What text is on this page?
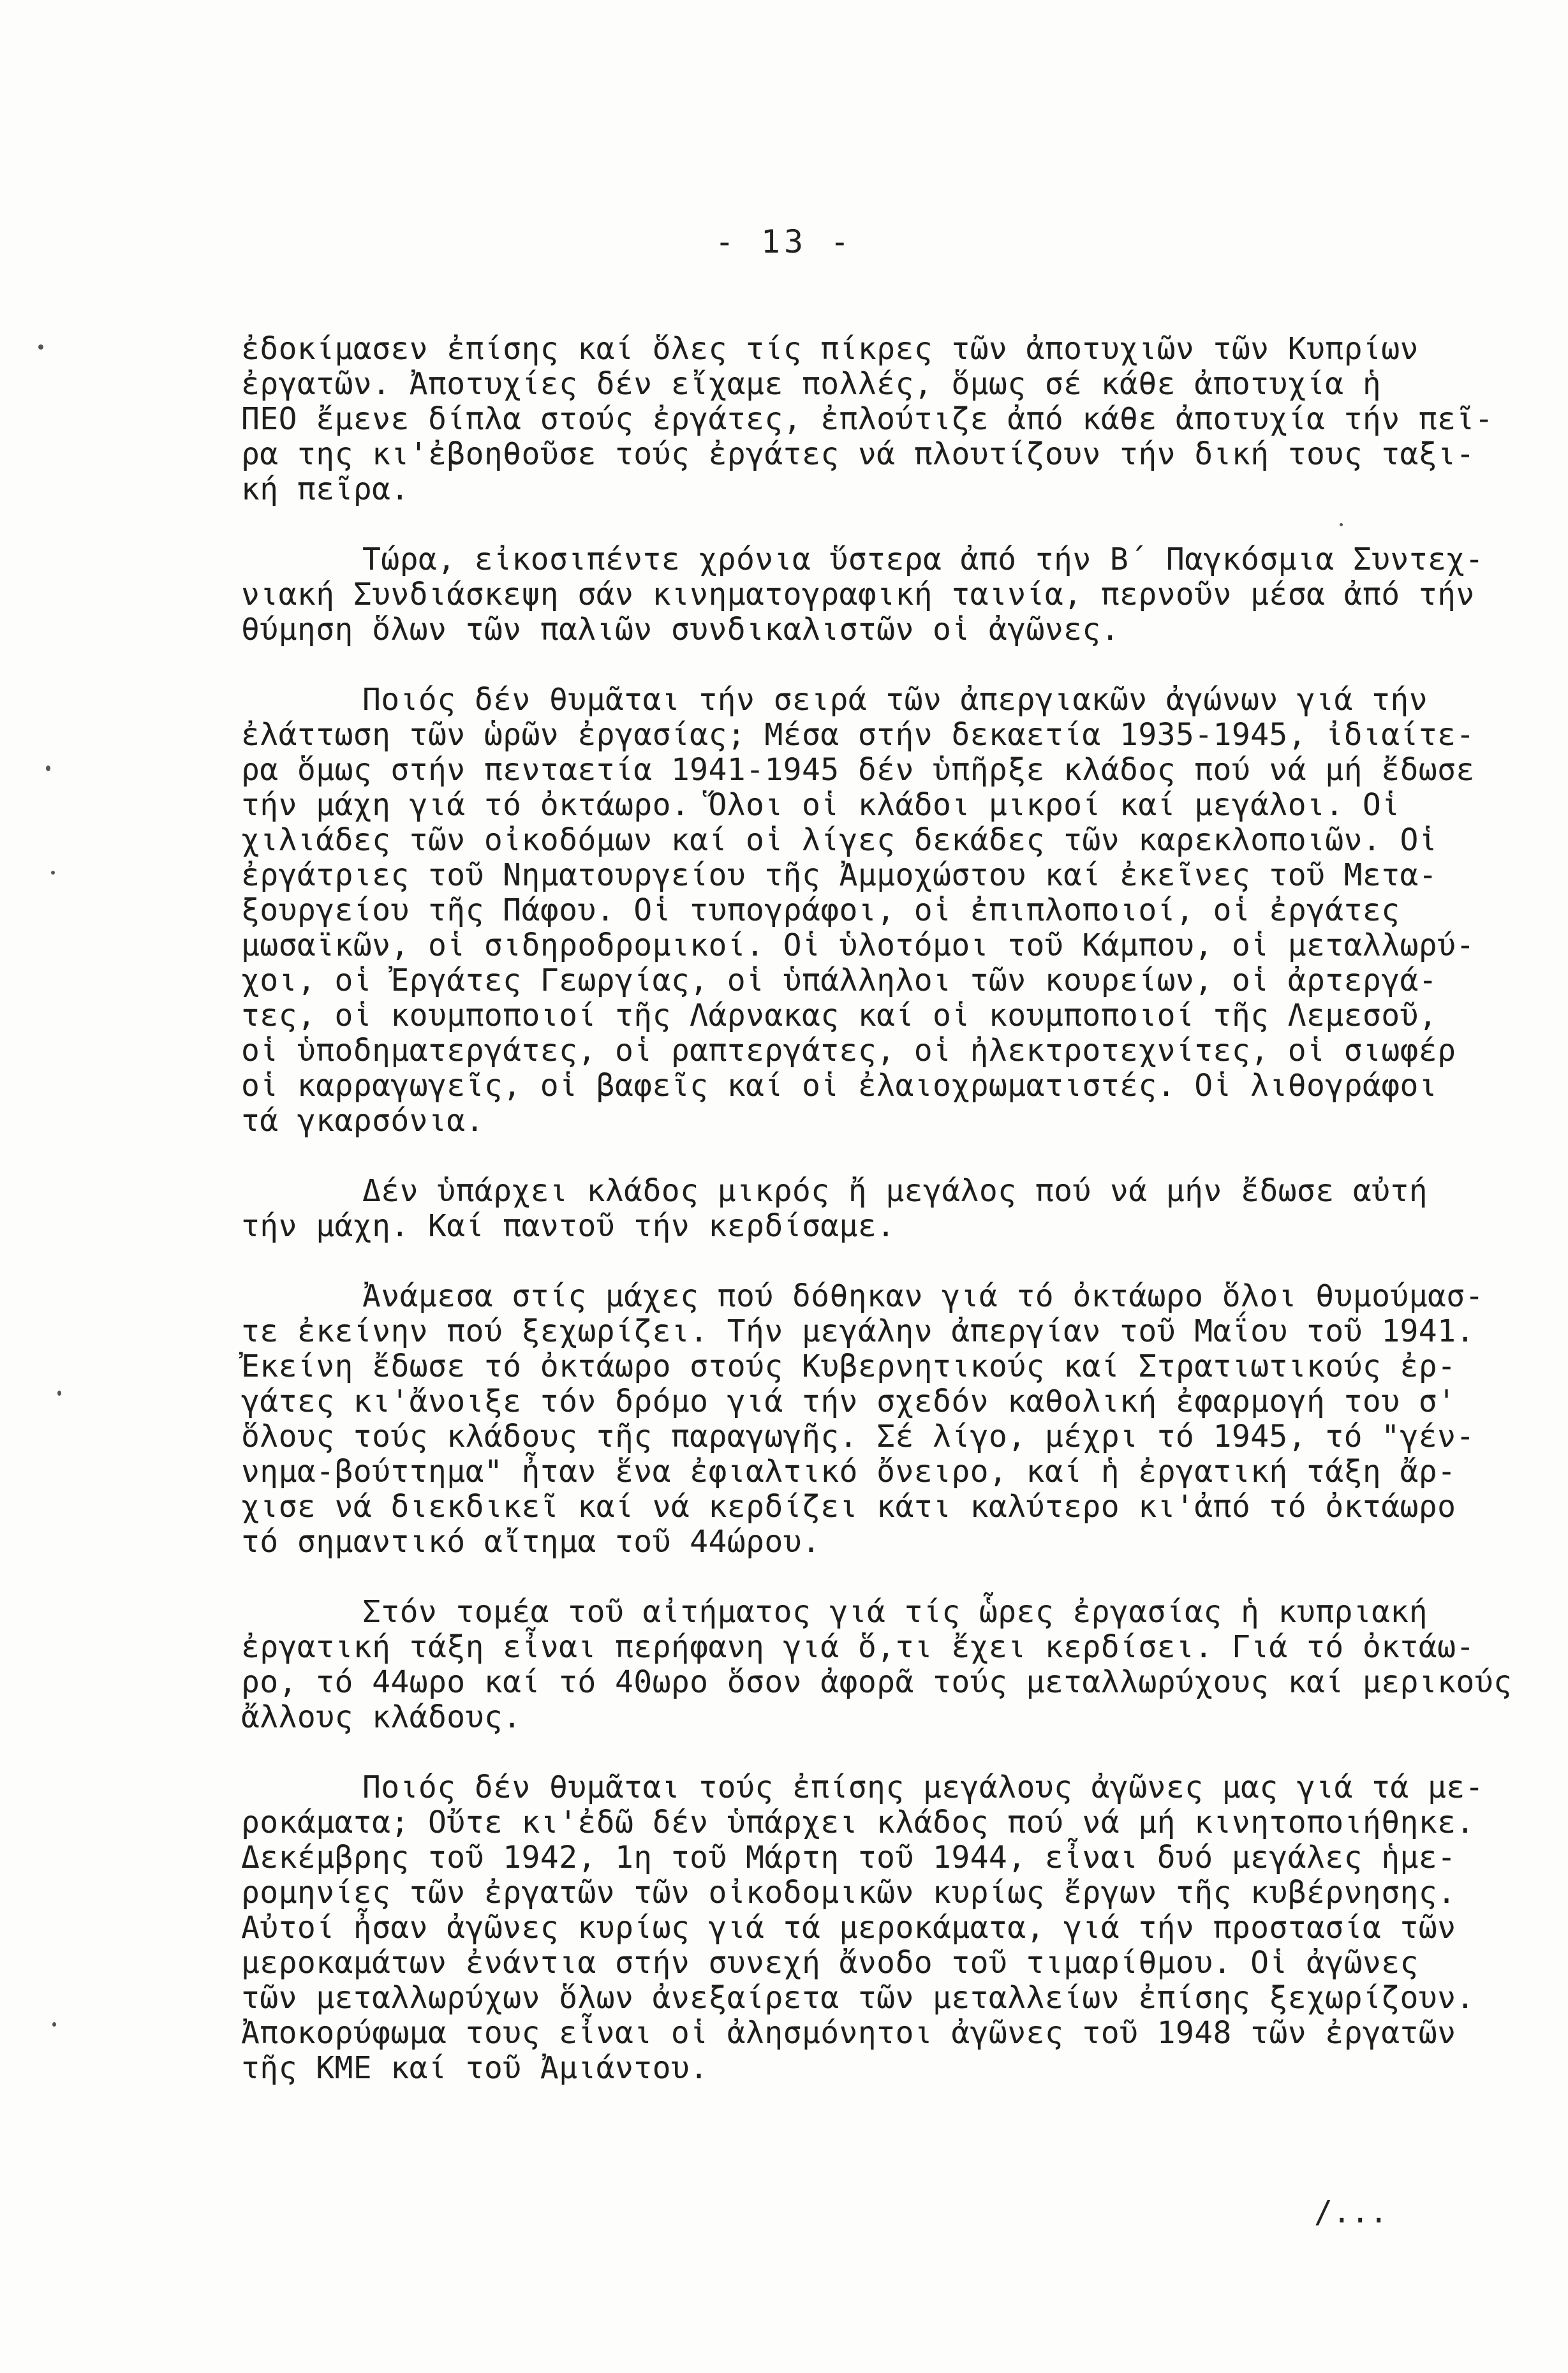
- 13 -
ἐδοκίμασεν ἐπίσης καί ὅλες τίς πίκρες τῶν ἀποτυχιῶν τῶν Κυπρίων
ἐργατῶν. Ἀποτυχίες δέν εἴχαμε πολλές, ὅμως σέ κάθε ἀποτυχία ἡ
ΠΕΟ ἔμενε δίπλα στούς ἐργάτες, ἐπλούτιζε ἀπό κάθε ἀποτυχία τήν πεῖ-
ρα της κι'ἐβοηθοῦσε τούς ἐργάτες νά πλουτίζουν τήν δική τους ταξι-
κή πεῖρα.
Τώρα, εἰκοσιπέντε χρόνια ὕστερα ἀπό τήν Β΄ Παγκόσμια Συντεχ-
νιακή Συνδιάσκεψη σάν κινηματογραφική ταινία, περνοῦν μέσα ἀπό τήν
θύμηση ὅλων τῶν παλιῶν συνδικαλιστῶν οἱ ἀγῶνες.
Ποιός δέν θυμᾶται τήν σειρά τῶν ἀπεργιακῶν ἀγώνων γιά τήν
ἐλάττωση τῶν ὡρῶν ἐργασίας; Μέσα στήν δεκαετία 1935-1945, ἰδιαίτε-
ρα ὅμως στήν πενταετία 1941-1945 δέν ὑπῆρξε κλάδος πού νά μή ἔδωσε
τήν μάχη γιά τό ὀκτάωρο. Ὅλοι οἱ κλάδοι μικροί καί μεγάλοι. Οἱ
χιλιάδες τῶν οἰκοδόμων καί οἱ λίγες δεκάδες τῶν καρεκλοποιῶν. Οἱ
ἐργάτριες τοῦ Νηματουργείου τῆς Ἀμμοχώστου καί ἐκεῖνες τοῦ Μετα-
ξουργείου τῆς Πάφου. Οἱ τυπογράφοι, οἱ ἐπιπλοποιοί, οἱ ἐργάτες
μωσαϊκῶν, οἱ σιδηροδρομικοί. Οἱ ὑλοτόμοι τοῦ Κάμπου, οἱ μεταλλωρύ-
χοι, οἱ Ἐργάτες Γεωργίας, οἱ ὑπάλληλοι τῶν κουρείων, οἱ ἀρτεργά-
τες, οἱ κουμποποιοί τῆς Λάρνακας καί οἱ κουμποποιοί τῆς Λεμεσοῦ,
οἱ ὑποδηματεργάτες, οἱ ραπτεργάτες, οἱ ἠλεκτροτεχνίτες, οἱ σιωφέρ
οἱ καρραγωγεῖς, οἱ βαφεῖς καί οἱ ἐλαιοχρωματιστές. Οἱ λιθογράφοι
τά γκαρσόνια.
Δέν ὑπάρχει κλάδος μικρός ἤ μεγάλος πού νά μήν ἔδωσε αὐτή
τήν μάχη. Καί παντοῦ τήν κερδίσαμε.
Ἀνάμεσα στίς μάχες πού δόθηκαν γιά τό ὀκτάωρο ὅλοι θυμούμασ-
τε ἐκείνην πού ξεχωρίζει. Τήν μεγάλην ἀπεργίαν τοῦ Μαΐου τοῦ 1941.
Ἐκείνη ἔδωσε τό ὀκτάωρο στούς Κυβερνητικούς καί Στρατιωτικούς ἐρ-
γάτες κι'ἄνοιξε τόν δρόμο γιά τήν σχεδόν καθολική ἐφαρμογή του σ'
ὅλους τούς κλάδους τῆς παραγωγῆς. Σέ λίγο, μέχρι τό 1945, τό "γέν-
νημα-βούττημα" ἦταν ἕνα ἐφιαλτικό ὄνειρο, καί ἡ ἐργατική τάξη ἄρ-
χισε νά διεκδικεῖ καί νά κερδίζει κάτι καλύτερο κι'ἀπό τό ὀκτάωρο
τό σημαντικό αἴτημα τοῦ 44ώρου.
Στόν τομέα τοῦ αἰτήματος γιά τίς ὧρες ἐργασίας ἡ κυπριακή
ἐργατική τάξη εἶναι περήφανη γιά ὅ,τι ἔχει κερδίσει. Γιά τό ὀκτάω-
ρο, τό 44ωρο καί τό 40ωρο ὅσον ἀφορᾶ τούς μεταλλωρύχους καί μερικούς
ἄλλους κλάδους.
Ποιός δέν θυμᾶται τούς ἐπίσης μεγάλους ἀγῶνες μας γιά τά με-
ροκάματα; Οὔτε κι'ἐδῶ δέν ὑπάρχει κλάδος πού νά μή κινητοποιήθηκε.
Δεκέμβρης τοῦ 1942, 1η τοῦ Μάρτη τοῦ 1944, εἶναι δυό μεγάλες ἡμε-
ρομηνίες τῶν ἐργατῶν τῶν οἰκοδομικῶν κυρίως ἔργων τῆς κυβέρνησης.
Αὐτοί ἦσαν ἀγῶνες κυρίως γιά τά μεροκάματα, γιά τήν προστασία τῶν
μεροκαμάτων ἐνάντια στήν συνεχή ἄνοδο τοῦ τιμαρίθμου. Οἱ ἀγῶνες
τῶν μεταλλωρύχων ὅλων ἀνεξαίρετα τῶν μεταλλείων ἐπίσης ξεχωρίζουν.
Ἀποκορύφωμα τους εἶναι οἱ ἀλησμόνητοι ἀγῶνες τοῦ 1948 τῶν ἐργατῶν
τῆς ΚΜΕ καί τοῦ Ἀμιάντου.
/...
